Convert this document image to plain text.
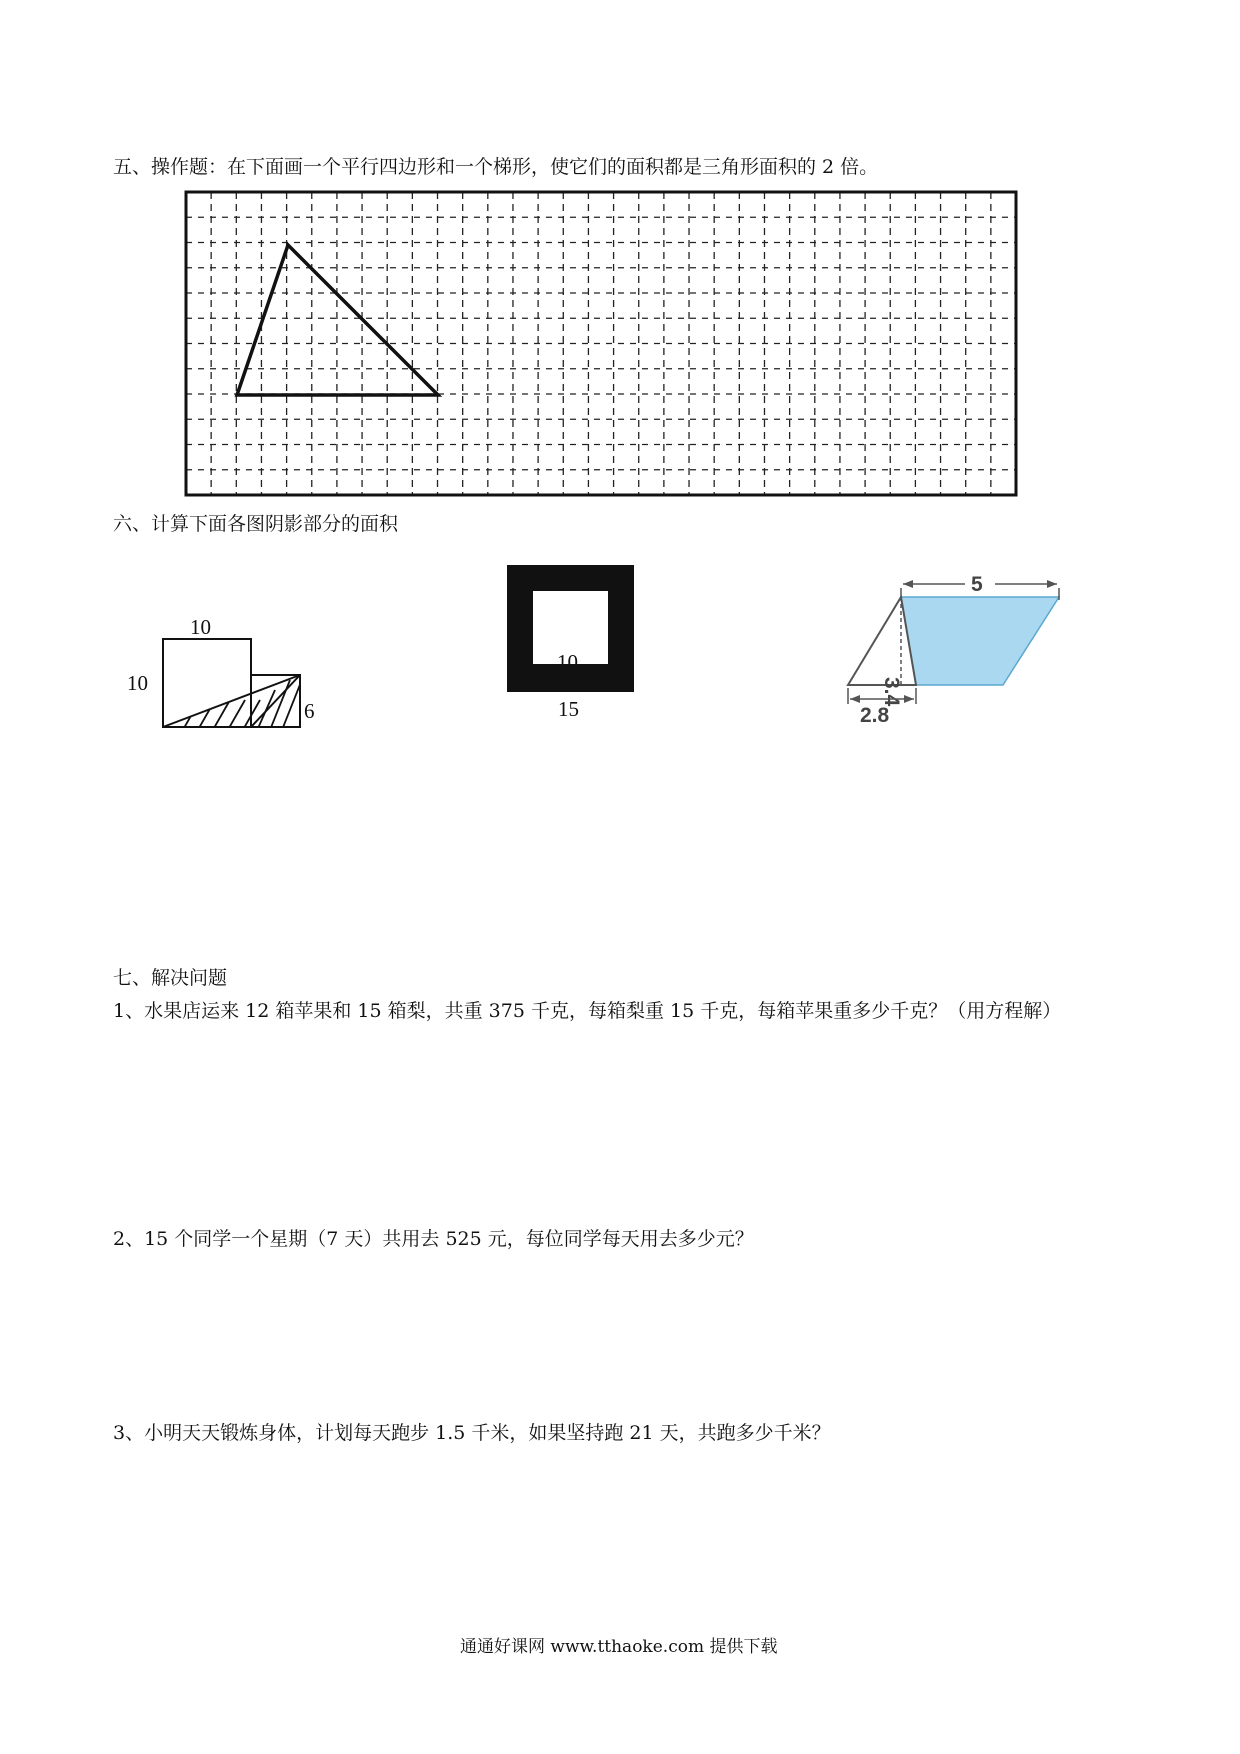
五、操作题：在下面画一个平行四边形和一个梯形，使它们的面积都是三角形面积的 2 倍。
六、计算下面各图阴影部分的面积
10
10
6
10
15
5
3.4
2.8
七、解决问题
1、水果店运来 12 箱苹果和 15 箱梨，共重 375 千克，每箱梨重 15 千克，每箱苹果重多少千克？（用方程解）
2、15 个同学一个星期（7 天）共用去 525 元，每位同学每天用去多少元？
3、小明天天锻炼身体，计划每天跑步 1.5 千米，如果坚持跑 21 天，共跑多少千米？
通通好课网 www.tthaoke.com 提供下载
